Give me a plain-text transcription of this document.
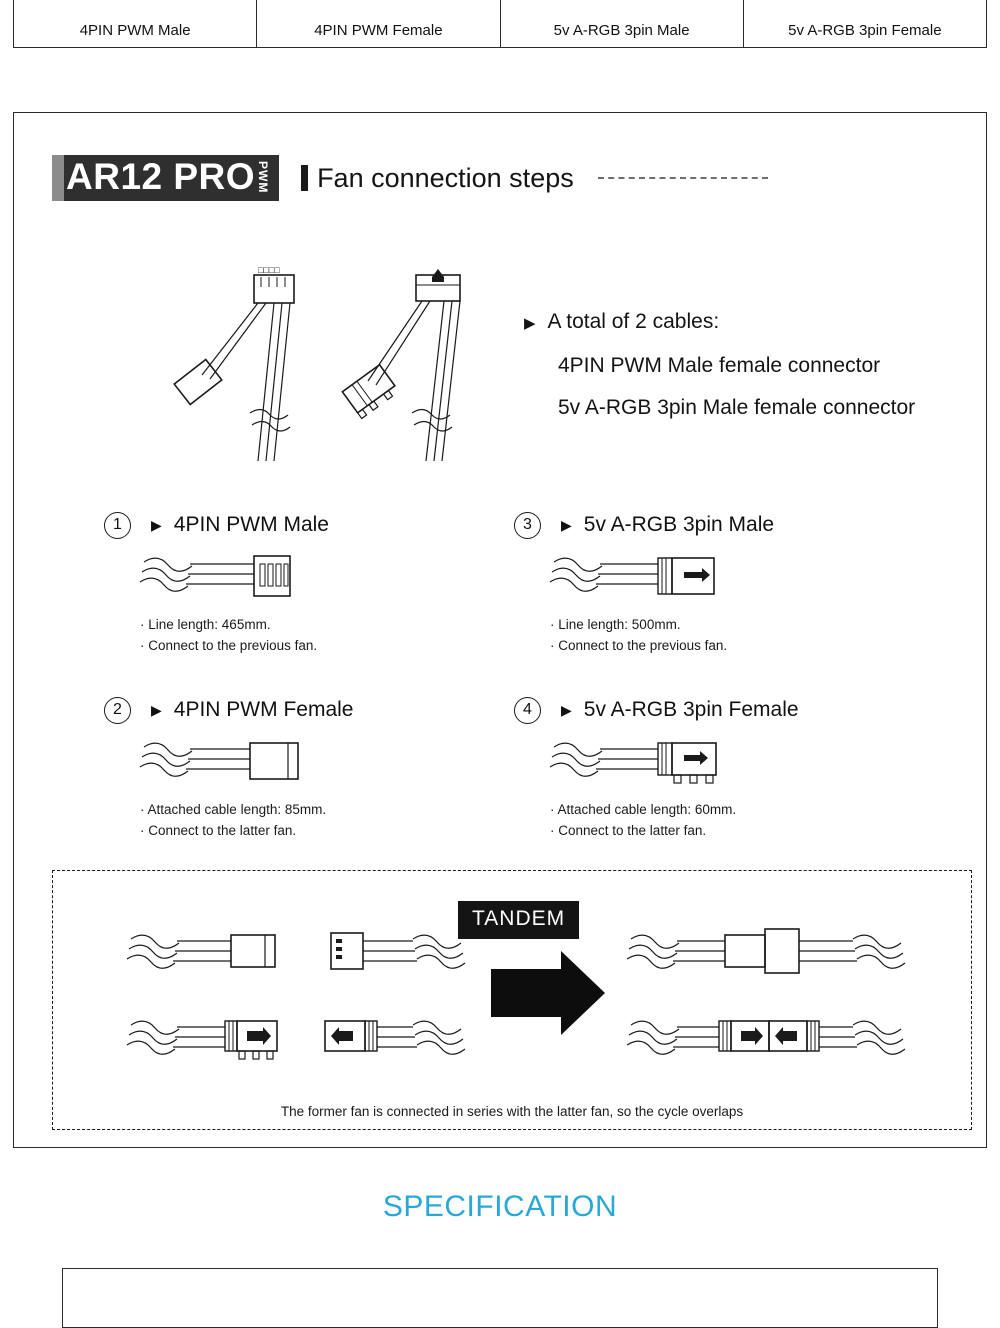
4PIN PWM Male	4PIN PWM Female	5v A-RGB 3pin Male	5v A-RGB 3pin Female
AR12 PRO PWM Fan connection steps
□□□□
▶ A total of 2 cables:
4PIN PWM Male female connector
5v A-RGB 3pin Male female connector
1	▶ 4PIN PWM Male
· Line length: 465mm.
· Connect to the previous fan.
2	▶ 4PIN PWM Female
· Attached cable length: 85mm.
· Connect to the latter fan.
3	▶ 5v A-RGB 3pin Male
· Line length: 500mm.
· Connect to the previous fan.
4	▶ 5v A-RGB 3pin Female
· Attached cable length: 60mm.
· Connect to the latter fan.
TANDEM
The former fan is connected in series with the latter fan, so the cycle overlaps
SPECIFICATION
